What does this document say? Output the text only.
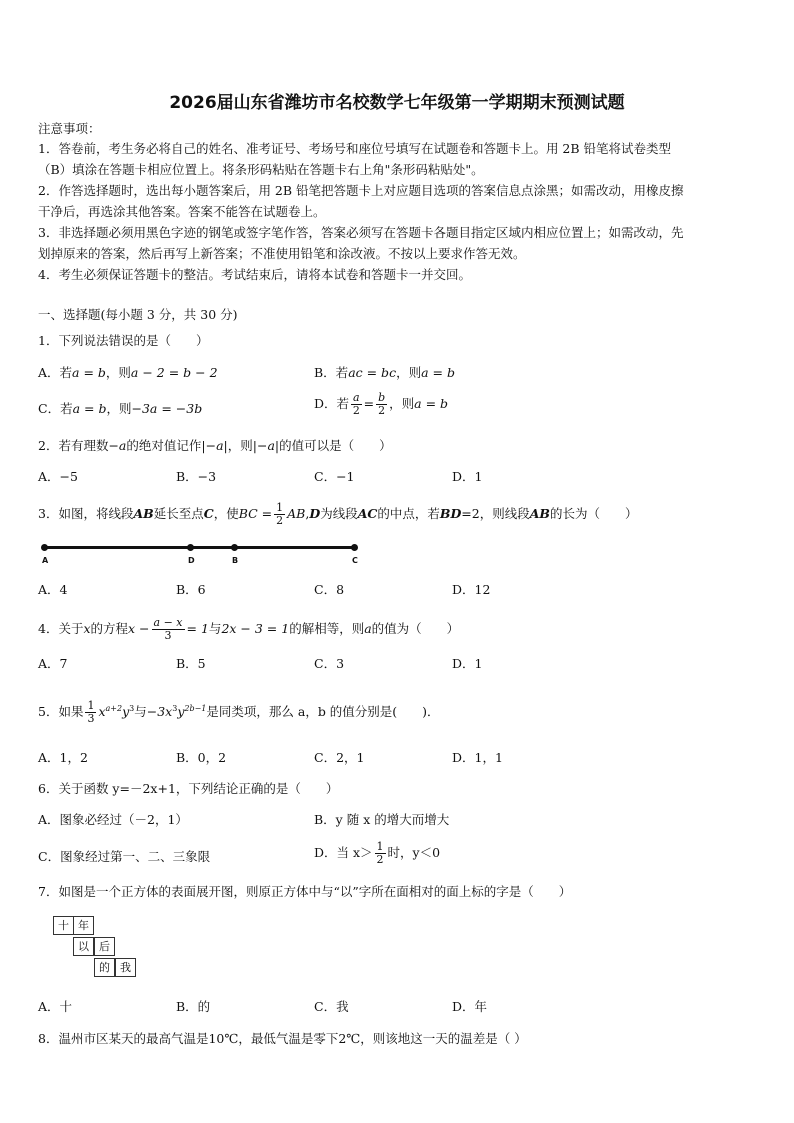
2026届山东省潍坊市名校数学七年级第一学期期末预测试题
注意事项：
1．答卷前，考生务必将自己的姓名、准考证号、考场号和座位号填写在试题卷和答题卡上。用 2B 铅笔将试卷类型
（B）填涂在答题卡相应位置上。将条形码粘贴在答题卡右上角"条形码粘贴处"。
2．作答选择题时，选出每小题答案后，用 2B 铅笔把答题卡上对应题目选项的答案信息点涂黑；如需改动，用橡皮擦
干净后，再选涂其他答案。答案不能答在试题卷上。
3．非选择题必须用黑色字迹的钢笔或签字笔作答，答案必须写在答题卡各题目指定区域内相应位置上；如需改动，先
划掉原来的答案，然后再写上新答案；不准使用铅笔和涂改液。不按以上要求作答无效。
4．考生必须保证答题卡的整洁。考试结束后，请将本试卷和答题卡一并交回。
一、选择题(每小题 3 分，共 30 分)
1．下列说法错误的是（　　）
A．若a = b，则a − 2 = b − 2	B．若ac = bc，则a = b
C．若a = b，则−3a = −3b	D．若 $\frac{a}{2} = \frac{b}{2}$ ，则a = b
2．若有理数−a的绝对值记作|−a|，则|−a|的值可以是（　　）
A．−5	B．−3	C．−1	D．1
3．如图，将线段AB延长至点C，使BC = $\frac{1}{2} AB,D$为线段AC的中点，若BD=2，则线段AB的长为（　　）
A	D	B	C
A．4	B．6	C．8	D．12
4．关于x的方程$x - \frac{a - x}{3} = 1$与2x − 3 = 1的解相等，则a的值为（　　）
A．7	B．5	C．3	D．1
5．如果 $\frac{1}{3} x^{a+2}y^3$与$-3x^3y^{2b-1}$是同类项，那么 a，b 的值分别是(　　)．
A．1，2	B．0，2	C．2，1	D．1，1
6．关于函数 y=－2x+1，下列结论正确的是（　　）
A．图象必经过（－2，1）	B．y 随 x 的增大而增大
C．图象经过第一、二、三象限	D．当 $x> \frac{1}{2}$ 时，y＜0
7．如图是一个正方体的表面展开图，则原正方体中与“以”字所在面相对的面上标的字是（　　）
十 年
以 后
的 我
A．十	B．的	C．我	D．年
8．温州市区某天的最高气温是10℃，最低气温是零下2℃，则该地这一天的温差是（ ）
